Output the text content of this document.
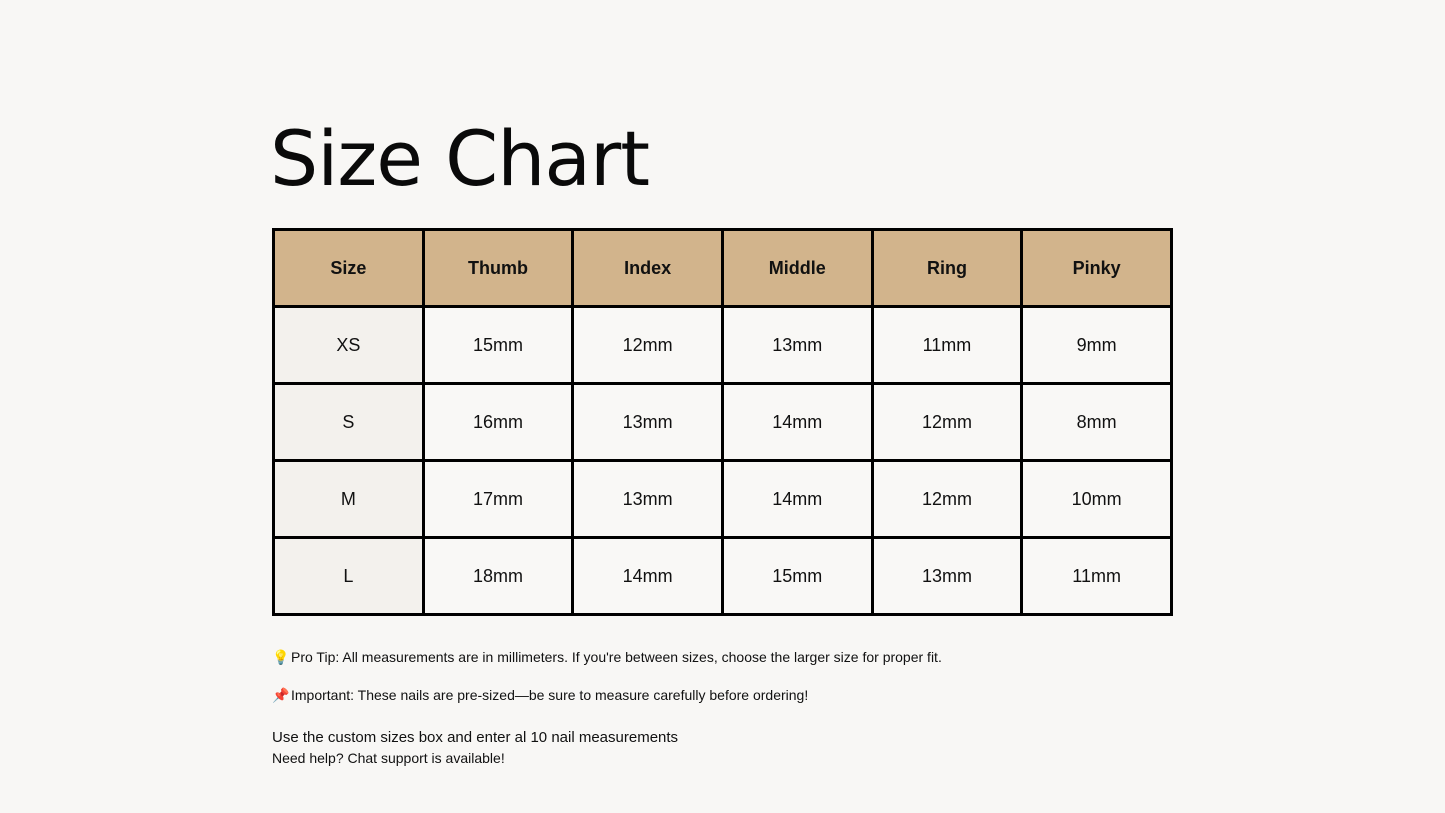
Size Chart
Size	Thumb	Index	Middle	Ring	Pinky
XS	15mm	12mm	13mm	11mm	9mm
S	16mm	13mm	14mm	12mm	8mm
M	17mm	13mm	14mm	12mm	10mm
L	18mm	14mm	15mm	13mm	11mm

💡 Pro Tip: All measurements are in millimeters. If you're between sizes, choose the larger size for proper fit.

📌 Important: These nails are pre-sized—be sure to measure carefully before ordering!

Use the custom sizes box and enter al 10 nail measurements

Need help? Chat support is available!
